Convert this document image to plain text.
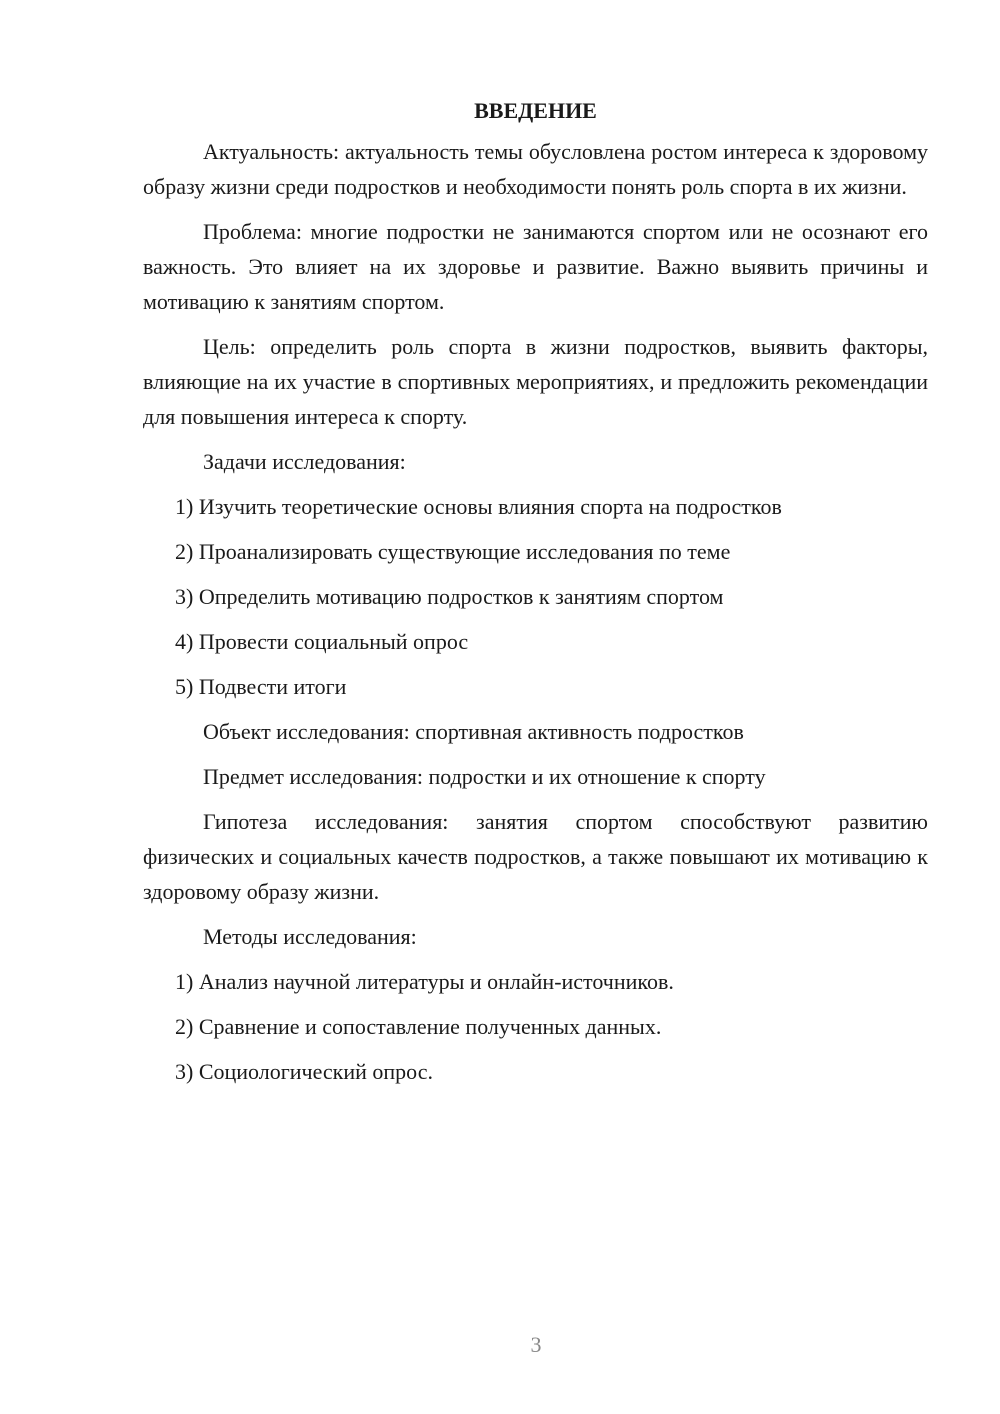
ВВЕДЕНИЕ

Актуальность: актуальность темы обусловлена ростом интереса к здоровому образу жизни среди подростков и необходимости понять роль спорта в их жизни.

Проблема: многие подростки не занимаются спортом или не осознают его важность. Это влияет на их здоровье и развитие. Важно выявить причины и мотивацию к занятиям спортом.

Цель: определить роль спорта в жизни подростков, выявить факторы, влияющие на их участие в спортивных мероприятиях, и предложить рекомендации для повышения интереса к спорту.

Задачи исследования:

1) Изучить теоретические основы влияния спорта на подростков

2) Проанализировать существующие исследования по теме

3) Определить мотивацию подростков к занятиям спортом

4) Провести социальный опрос

5) Подвести итоги

Объект исследования: спортивная активность подростков

Предмет исследования: подростки и их отношение к спорту

Гипотеза исследования: занятия спортом способствуют развитию физических и социальных качеств подростков, а также повышают их мотивацию к здоровому образу жизни.

Методы исследования:

1) Анализ научной литературы и онлайн-источников.

2) Сравнение и сопоставление полученных данных.

3) Социологический опрос.

3
